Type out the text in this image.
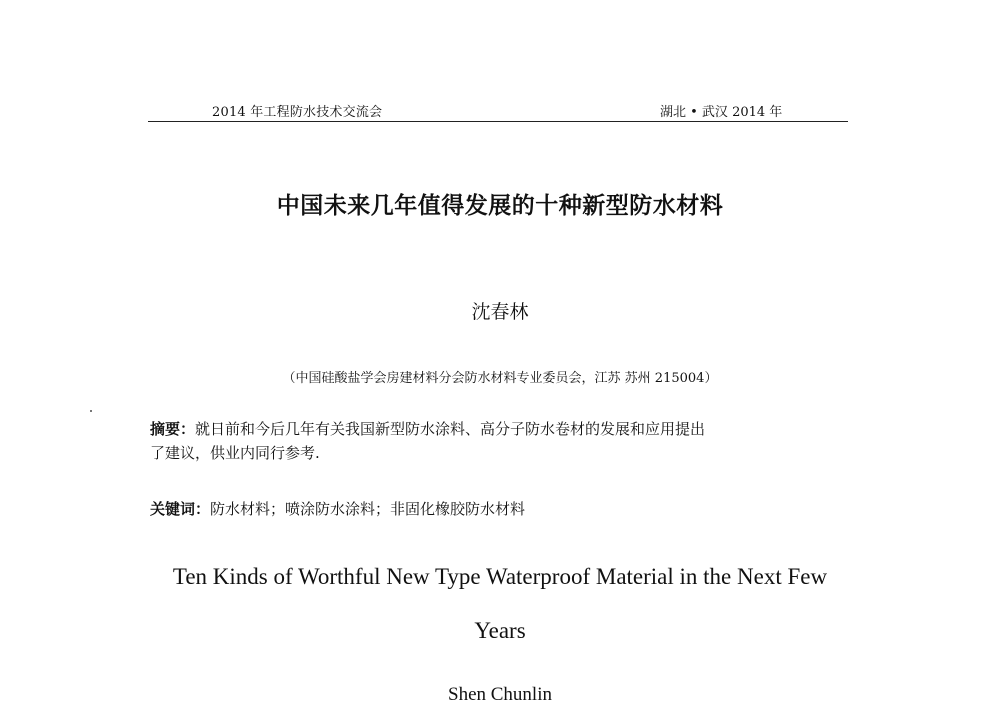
2014 年工程防水技术交流会	湖北 • 武汉 2014 年
中国未来几年值得发展的十种新型防水材料
沈春林
（中国硅酸盐学会房建材料分会防水材料专业委员会，江苏 苏州 215004）
摘要：就日前和今后几年有关我国新型防水涂料、高分子防水卷材的发展和应用提出
了建议，供业内同行参考.
关键词：防水材料；喷涂防水涂料；非固化橡胶防水材料
Ten Kinds of Worthful New Type Waterproof Material in the Next Few
Years
Shen Chunlin
